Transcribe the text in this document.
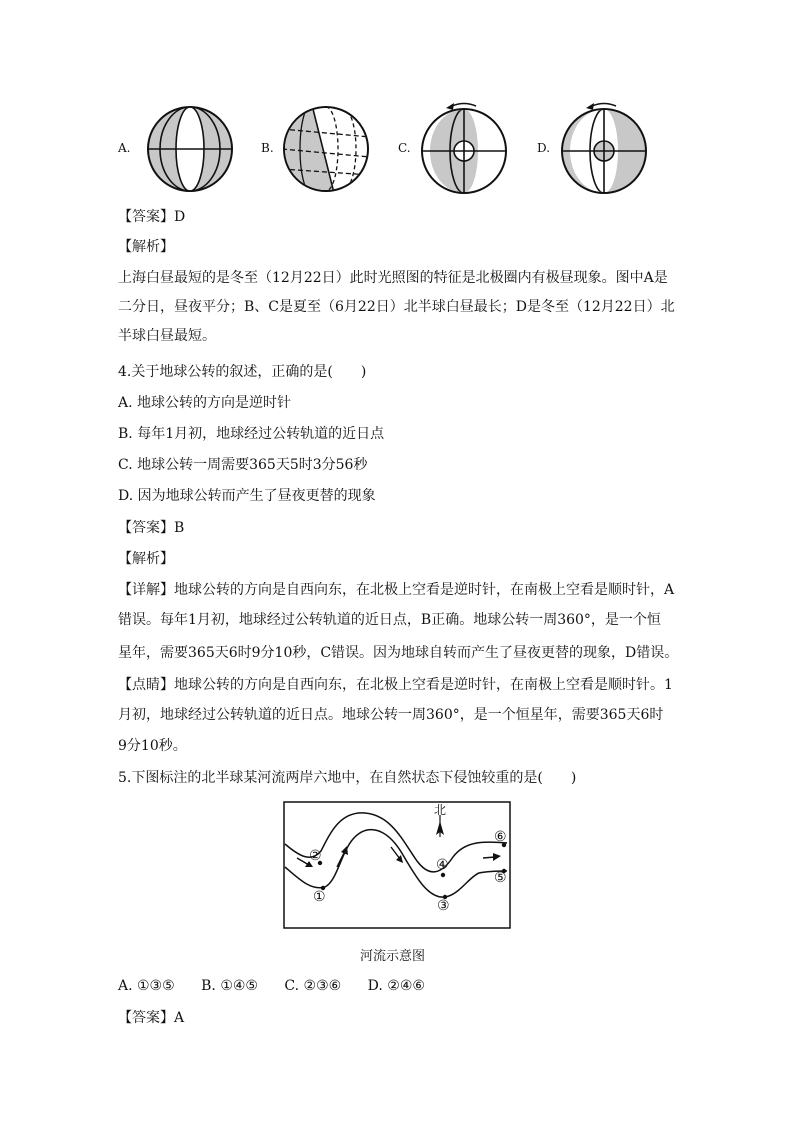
A.	B.	C.	D.
【答案】D
【解析】
上海白昼最短的是冬至（12月22日）此时光照图的特征是北极圈内有极昼现象。图中A是
二分日，昼夜平分；B、C是夏至（6月22日）北半球白昼最长；D是冬至（12月22日）北
半球白昼最短。
4.关于地球公转的叙述，正确的是(　　)
A. 地球公转的方向是逆时针
B. 每年1月初，地球经过公转轨道的近日点
C. 地球公转一周需要365天5时3分56秒
D. 因为地球公转而产生了昼夜更替的现象
【答案】B
【解析】
【详解】地球公转的方向是自西向东，在北极上空看是逆时针，在南极上空看是顺时针，A
错误。每年1月初，地球经过公转轨道的近日点，B正确。地球公转一周360°，是一个恒
星年，需要365天6时9分10秒，C错误。因为地球自转而产生了昼夜更替的现象，D错误。
【点睛】地球公转的方向是自西向东，在北极上空看是逆时针，在南极上空看是顺时针。1
月初，地球经过公转轨道的近日点。地球公转一周360°，是一个恒星年，需要365天6时
9分10秒。
5.下图标注的北半球某河流两岸六地中，在自然状态下侵蚀较重的是(　　)
北
①
②
③
④
⑤
⑥
河流示意图
A. ①③⑤ B. ①④⑤ C. ②③⑥ D. ②④⑥
【答案】A
